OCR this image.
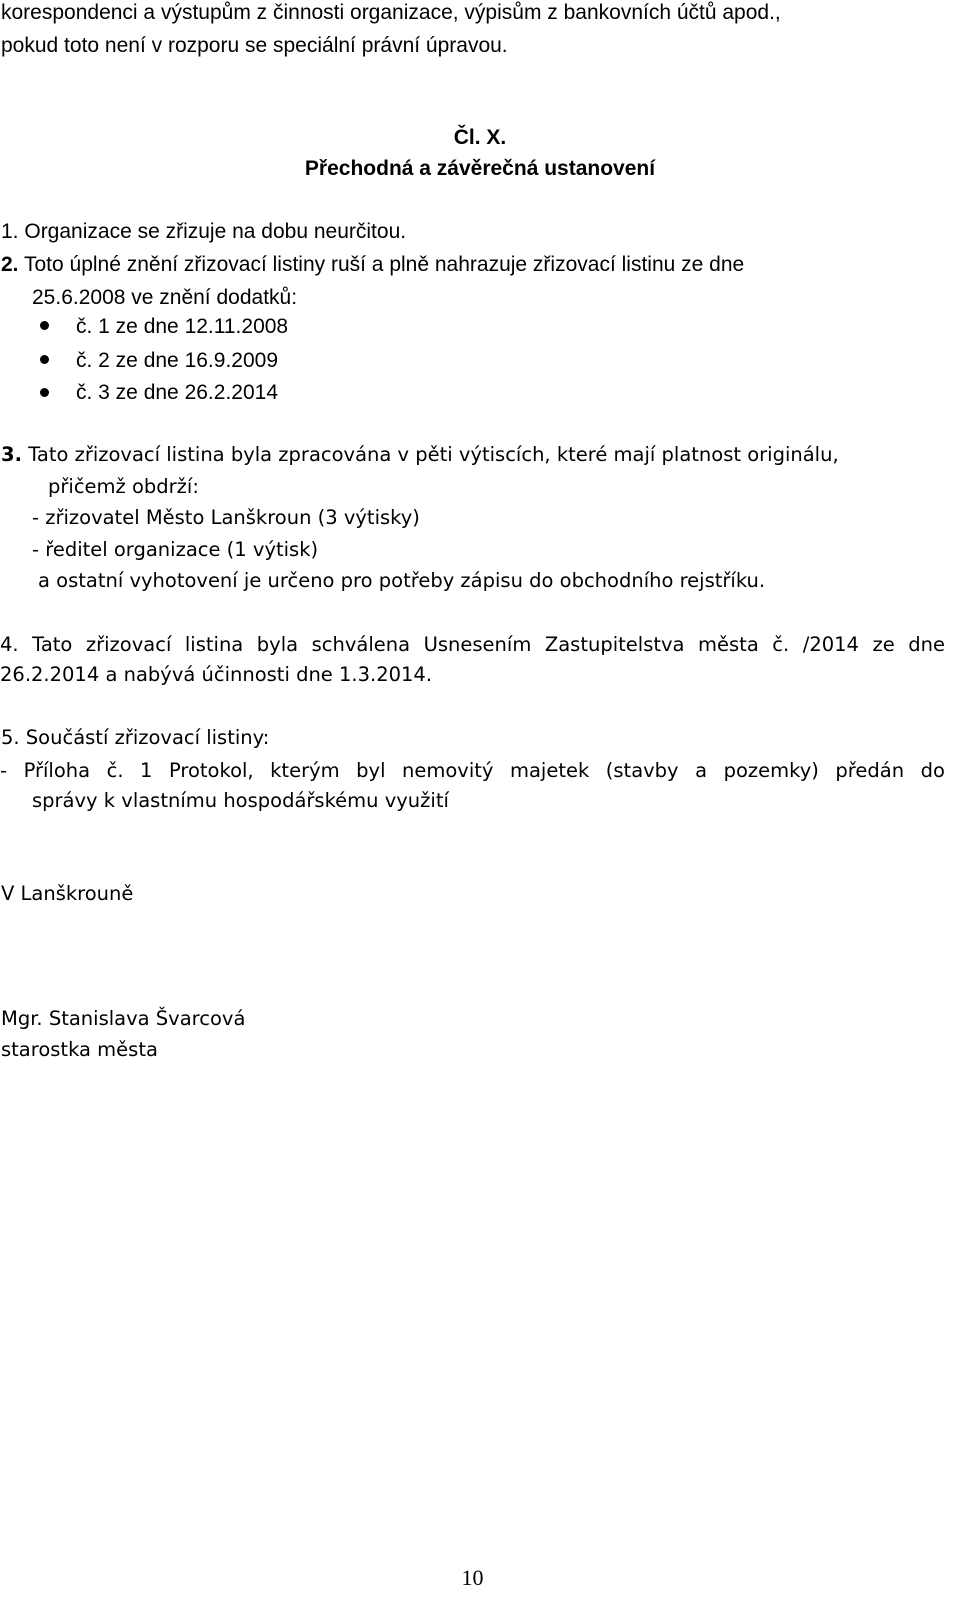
korespondenci a výstupům z činnosti organizace, výpisům z bankovních účtů apod.,
pokud toto není v rozporu se speciální právní úpravou.
Čl. X.
Přechodná a závěrečná ustanovení
1. Organizace se zřizuje na dobu neurčitou.
2. Toto úplné znění zřizovací listiny ruší a plně nahrazuje zřizovací listinu ze dne
25.6.2008 ve znění dodatků:
č. 1 ze dne 12.11.2008
č. 2 ze dne 16.9.2009
č. 3 ze dne 26.2.2014
3. Tato zřizovací listina byla zpracována v pěti výtiscích, které mají platnost originálu,
přičemž obdrží:
- zřizovatel Město Lanškroun (3 výtisky)
- ředitel organizace (1 výtisk)
a ostatní vyhotovení je určeno pro potřeby zápisu do obchodního rejstříku.
4. Tato zřizovací listina byla schválena Usnesením Zastupitelstva města č. /2014 ze dne
26.2.2014 a nabývá účinnosti dne 1.3.2014.
5. Součástí zřizovací listiny:
- Příloha č. 1 Protokol, kterým byl nemovitý majetek (stavby a pozemky) předán do
správy k vlastnímu hospodářskému využití
V Lanškrouně
Mgr. Stanislava Švarcová
starostka města
10
